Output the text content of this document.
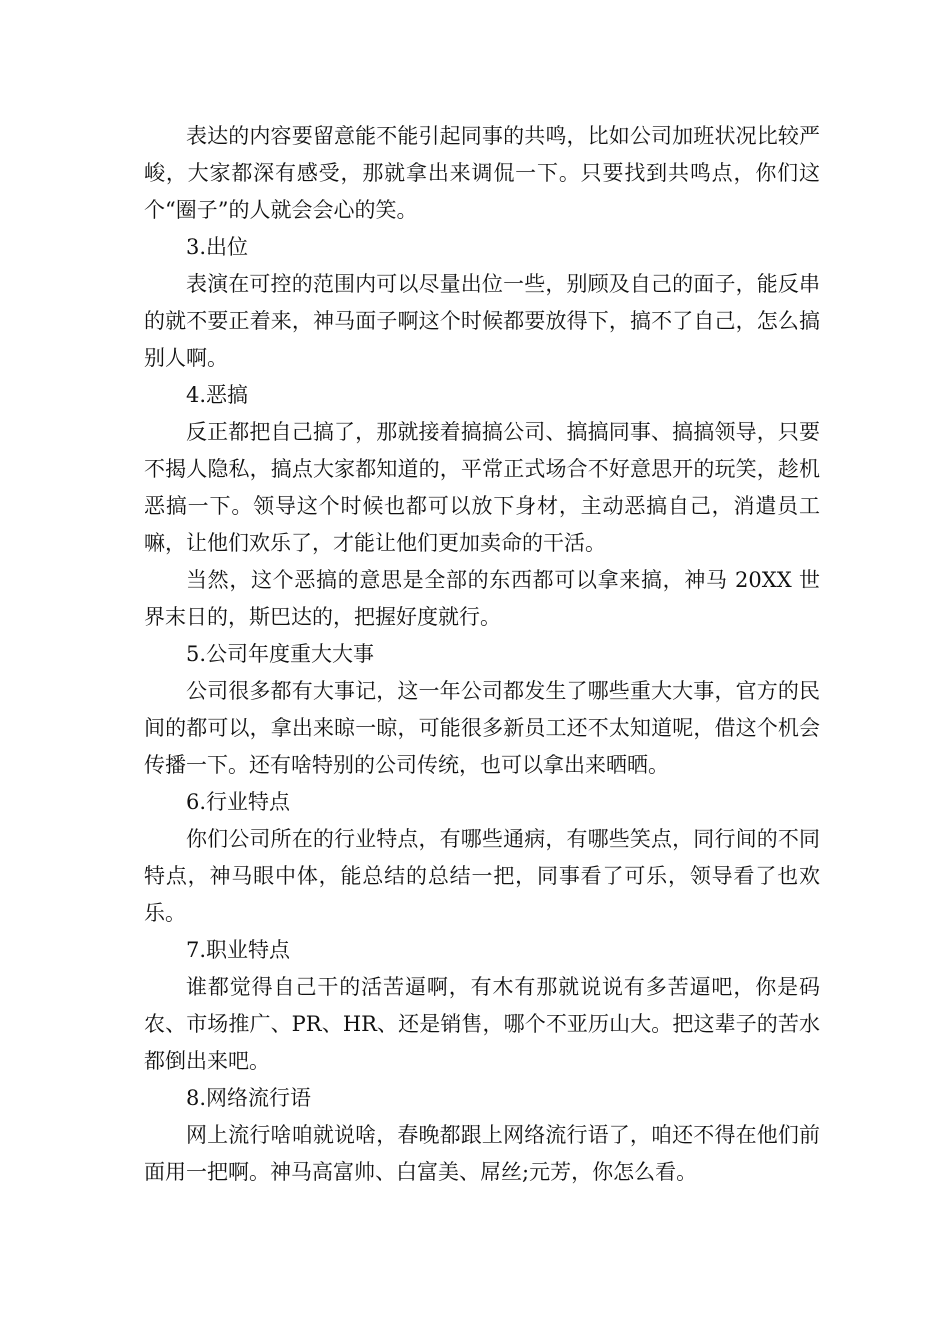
表达的内容要留意能不能引起同事的共鸣，比如公司加班状况比较严峻，大家都深有感受，那就拿出来调侃一下。只要找到共鸣点，你们这个“圈子”的人就会会心的笑。

3.出位

表演在可控的范围内可以尽量出位一些，别顾及自己的面子，能反串的就不要正着来，神马面子啊这个时候都要放得下，搞不了自己，怎么搞别人啊。

4.恶搞

反正都把自己搞了，那就接着搞搞公司、搞搞同事、搞搞领导，只要不揭人隐私，搞点大家都知道的，平常正式场合不好意思开的玩笑，趁机恶搞一下。领导这个时候也都可以放下身材，主动恶搞自己，消遣员工嘛，让他们欢乐了，才能让他们更加卖命的干活。

当然，这个恶搞的意思是全部的东西都可以拿来搞，神马 20XX 世界末日的，斯巴达的，把握好度就行。

5.公司年度重大大事

公司很多都有大事记，这一年公司都发生了哪些重大大事，官方的民间的都可以，拿出来晾一晾，可能很多新员工还不太知道呢，借这个机会传播一下。还有啥特别的公司传统，也可以拿出来晒晒。

6.行业特点

你们公司所在的行业特点，有哪些通病，有哪些笑点，同行间的不同特点，神马眼中体，能总结的总结一把，同事看了可乐，领导看了也欢乐。

7.职业特点

谁都觉得自己干的活苦逼啊，有木有那就说说有多苦逼吧，你是码农、市场推广、PR、HR、还是销售，哪个不亚历山大。把这辈子的苦水都倒出来吧。

8.网络流行语

网上流行啥咱就说啥，春晚都跟上网络流行语了，咱还不得在他们前面用一把啊。神马高富帅、白富美、屌丝;元芳，你怎么看。
